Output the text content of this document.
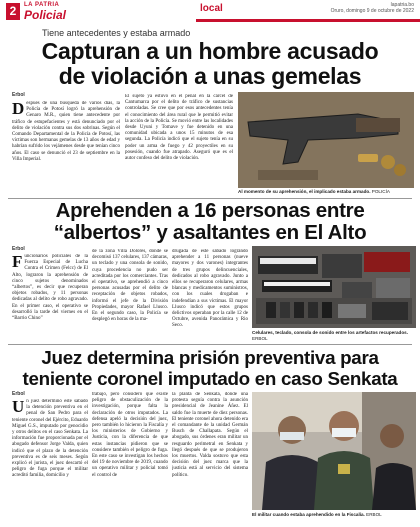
2	LA PATRIA
Policial	local	lapatria.bo
Oruro, domingo 9 de octubre de 2022
Tiene antecedentes y estaba armado
Capturan a un hombre acusado
de violación a unas gemelas
Erbol
Después de una búsqueda de varios días, la Policía de Potosí logró la aprehensión de Genaro M.R., quien tiene antecedente por tráfico de estupefacientes y está denunciado por el delito de violación contra sus dos sobrinas. Según el Comando Departamental de la Policía de Potosí, las víctimas son hermanas gemelas de 13 años de edad y habrían sufrido los vejámenes desde que tenían cinco años. El caso se denunció el 23 de septiembre en la Villa Imperial.
El sujeto ya estuvo en el penal en la cárcel de Cantumarca por el delito de tráfico de sustancias controladas. Se cree que por esos antecedentes tenía el conocimiento del área rural que le permitió evitar la acción de la Policía. Se movió entre las localidades desde Uyuni y Tomave y fue detenido en una comunidad ubicada a unos 15 minutos de esa segunda. La Policía indicó que el sujeto tenía en su poder un arma de fuego y 42 proyectiles en su posesión, cuando fue atrapado. Aseguró que es el autor confeso del delito de violación.
Al momento de su aprehensión, el implicado estaba armado. POLICÍA
Aprehenden a 16 personas entre
“albertos” y asaltantes en El Alto
Erbol
Funcionarios policiales de la Fuerza Especial de Lucha Contra el Crimen (Felcc) de El Alto, lograron la aprehensión de cinco sujetos denominados “albertos”, es decir que recuperan objetos robados, y 11 personas dedicadas al delito de robo agravado. En el primer caso, el operativo se desarrolló la tarde del viernes en el “Barrio Chino”
de la zona Villa Dolores, donde se decomisó 137 celulares, 137 cámaras, un teclado y una consola de sonido, cuya procedencia no pudo ser acreditada por los comerciantes. Tras el operativo, se aprehendió a cinco personas acusadas por el delito de receptación de objetos robados, informó el jefe de la División Propiedades, mayor Rafael Llusco. En el segundo caso, la Policía se desplegó en horas de la ma-
drugada de este sábado logrando aprehender a 11 personas (nueve mayores y dos varones) integrantes de tres grupos delincuenciales, dedicados al robo agravado. Junto a ellos se recuperaron celulares, armas blancas y medicamentos suministros, con los cuales drogaban e indefendían a sus víctimas. El mayor Llusco indicó que estos grupos delictivos operaban por la calle 12 de Octubre, avenida Panorámica y Rio Seco.
Celulares, teclado, consola de sonido entre los artefactos recuperados. ERBOL
Juez determina prisión preventiva para
teniente coronel imputado en caso Senkata
Erbol
Un juez determinó este sábado la detención preventiva en el penal de San Pedro para el teniente coronel del Ejército, Eduardo Miguel G.S., imputado por genocidio y otros delitos en el caso Senkata. La información fue proporcionada por el abogado defensor Jorge Valda, quien indicó que el plazo de la detención preventiva es de seis meses. Según explicó el jurista, el juez descartó el peligro de fuga porque el militar acreditó familia, domicilio y
trabajo, pero consideró que existe peligro de obstaculización de la investigación, porque falta la declaración de otros imputados. La defensa apeló la decisión del juez, pero también lo hicieron la Fiscalía y los ministerios de Gobierno y Justicia, con la diferencia de que estas instancias pidieron que se considere también el peligro de fuga. En este caso se investigan los hechos del 19 de noviembre de 2019, cuando un operativo militar y policial tomó el control de
la planta de Senkata, donde una protesta seguía contra la asunción presidencial de Jeanine Áñez. El saldo fue la muerte de diez personas. El teniente coronel ahora detenido era el comandante de la unidad Germán Busch de Challapata. Según el abogado, sus órdenes eran militar un resguardo perimetral en Senkata y llegó después de que se produjeron los muertos. Valda sostuvo que esta decisión del juez marca que la justicia está al servicio del sistema político.
El militar cuando estaba aprehendido en la Fiscalía. ERBOL
